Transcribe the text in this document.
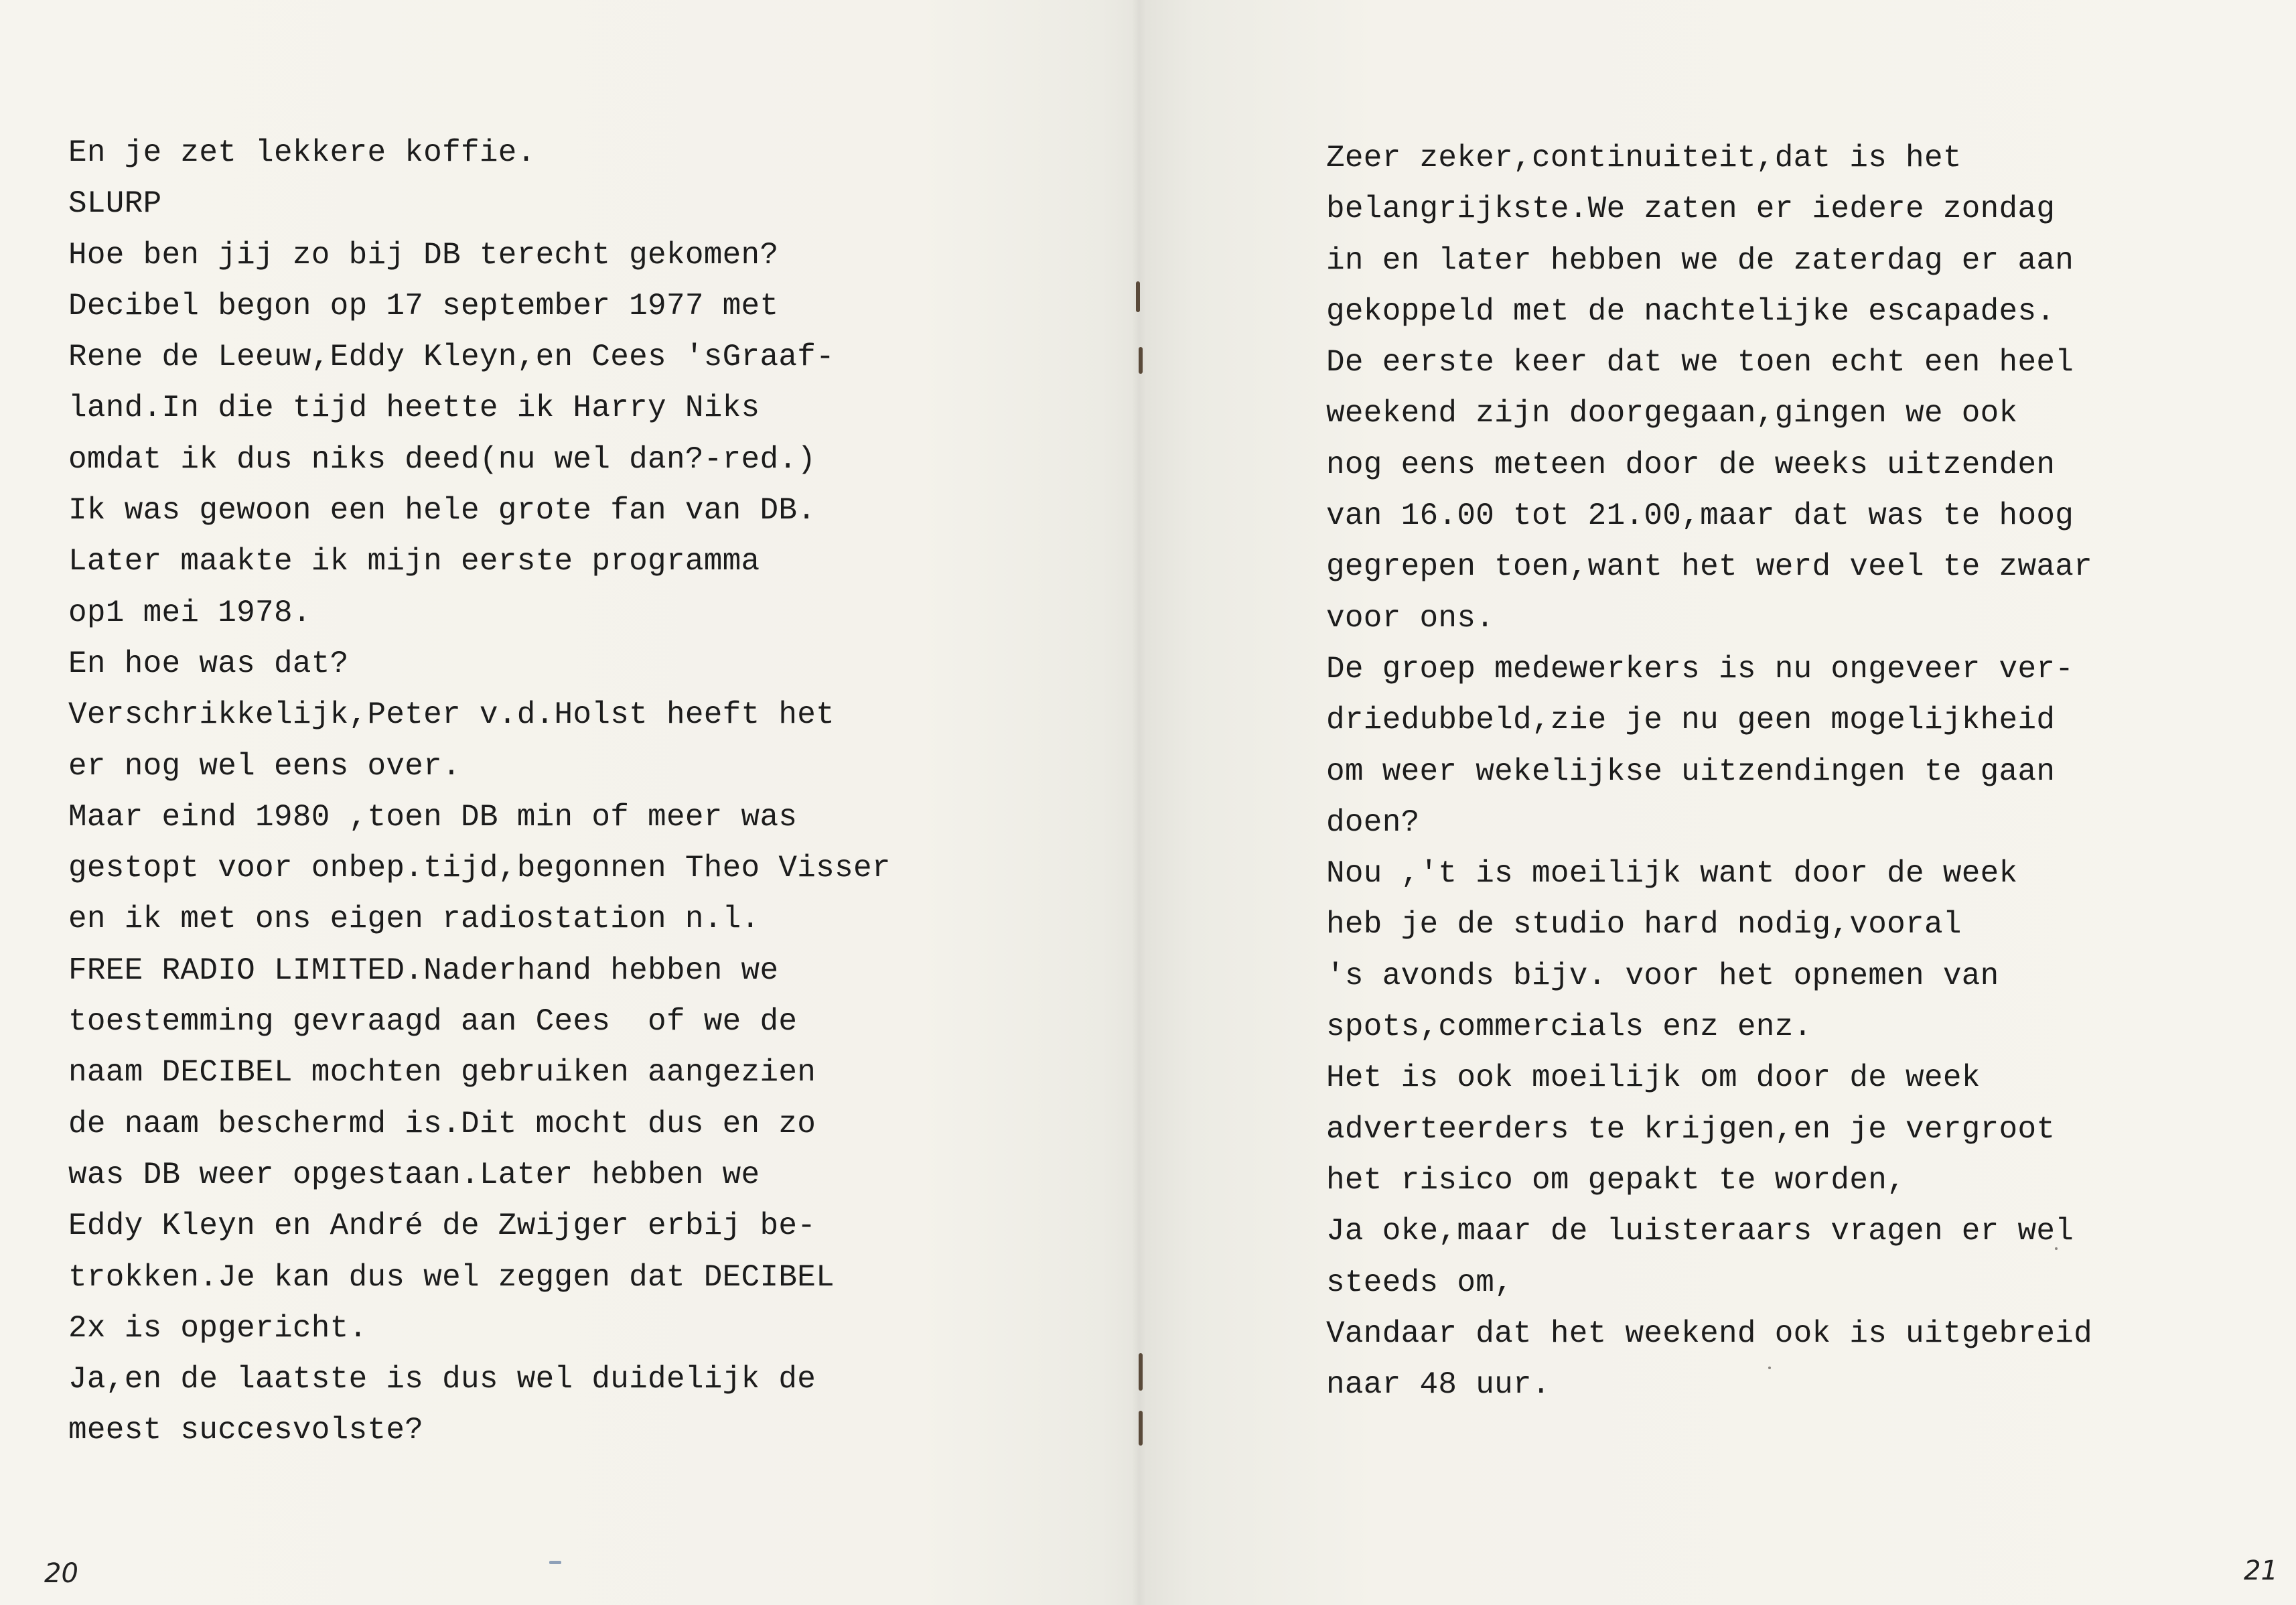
En je zet lekkere koffie.
SLURP
Hoe ben jij zo bij DB terecht gekomen?
Decibel begon op 17 september 1977 met
Rene de Leeuw,Eddy Kleyn,en Cees 'sGraaf-
land.In die tijd heette ik Harry Niks
omdat ik dus niks deed(nu wel dan?-red.)
Ik was gewoon een hele grote fan van DB.
Later maakte ik mijn eerste programma
op1 mei 1978.
En hoe was dat?
Verschrikkelijk,Peter v.d.Holst heeft het
er nog wel eens over.
Maar eind 1980 ,toen DB min of meer was
gestopt voor onbep.tijd,begonnen Theo Visser
en ik met ons eigen radiostation n.l.
FREE RADIO LIMITED.Naderhand hebben we
toestemming gevraagd aan Cees  of we de
naam DECIBEL mochten gebruiken aangezien
de naam beschermd is.Dit mocht dus en zo
was DB weer opgestaan.Later hebben we
Eddy Kleyn en André de Zwijger erbij be-
trokken.Je kan dus wel zeggen dat DECIBEL
2x is opgericht.
Ja,en de laatste is dus wel duidelijk de
meest succesvolste?
Zeer zeker,continuiteit,dat is het
belangrijkste.We zaten er iedere zondag
in en later hebben we de zaterdag er aan
gekoppeld met de nachtelijke escapades.
De eerste keer dat we toen echt een heel
weekend zijn doorgegaan,gingen we ook
nog eens meteen door de weeks uitzenden
van 16.00 tot 21.00,maar dat was te hoog
gegrepen toen,want het werd veel te zwaar
voor ons.
De groep medewerkers is nu ongeveer ver-
driedubbeld,zie je nu geen mogelijkheid
om weer wekelijkse uitzendingen te gaan
doen?
Nou ,'t is moeilijk want door de week
heb je de studio hard nodig,vooral
's avonds bijv. voor het opnemen van
spots,commercials enz enz.
Het is ook moeilijk om door de week
adverteerders te krijgen,en je vergroot
het risico om gepakt te worden,
Ja oke,maar de luisteraars vragen er wel
steeds om,
Vandaar dat het weekend ook is uitgebreid
naar 48 uur.
20	21
